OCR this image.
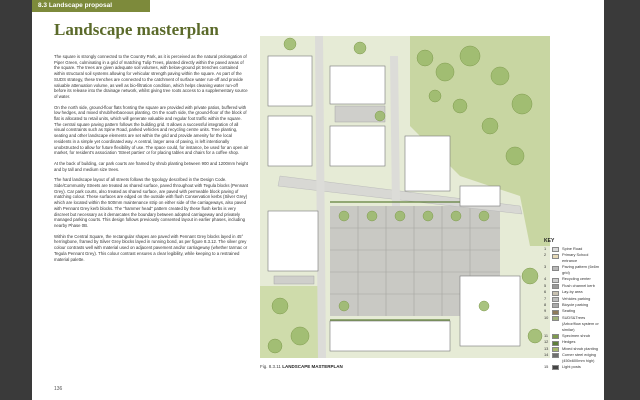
8.3 Landscape proposal
Landscape masterplan

The square is strongly connected to the Country Park, as it is perceived as the natural prolongation of Piper Green, culminating in a grid of matching Tulip Trees, planted directly within the paved areas of the square. The trees are given adequate soil volumes, with below-ground pit trenches contained within structural soil systems allowing for vehicular strength paving within the square. As part of the SUDS strategy, these trenches are connected to the catchment of surface water run-off and provide valuable attenuation volume, as well as bio-filtration condition, which helps cleaning water run-off before its release into the drainage network, whilst giving tree roots access to a supplementary source of water.

On the north side, ground-floor flats fronting the square are provided with private patios, buffered with low hedges, and mixed shrub/herbaceous planting. On the south side, the ground-floor of the block of flat is allocated to retail units, which will generate valuable and regular foot traffic within the square. The central square paving pattern follows the building grid. It allows a successful integration of all visual constraints such as Spine Road, parked vehicles and recycling centre units. Tree planting, seating and other landscape elements are set within the grid and provide amenity for the local residents in a simple yet coordinated way. A central, larger area of paving, is left intentionally unobstructed to allow for future flexibility of use. The space could, for instance, be used for an open air market, for resident's association 'Street parties' or for placing tables and chairs for a coffee shop.

At the back of building, car park courts are framed by shrub planting between 900 and 1200mm height and by tall and medium size trees.

The hard landscape layout of all streets follows the typology described in the Design Code. Side/Community Streets are treated as shared surface, paved throughout with Tegula blocks (Pennant Grey). Car park courts, also treated as shared surface, are paved with permeable block paving of matching colour. These surfaces are edged on the outside with flush Conservation kerbs (Silver Grey) which are located within the 500mm maintenance strip on either side of the carriageways, also paved with Pennant Grey kerb blocks. The "hammer head" pattern created by these flush kerbs is very discreet but necessary as it demarcates the boundary between adopted carriageway and privately managed parking courts. This design follows previously consented layout in earlier phases, including nearby Phase 0B.

Within the Central Square, the rectangular shapes are paved with Pennant Grey blocks layed in 45° herringbone, framed by Silver Grey blocks layed in running bond, as per figure 8.3.12. The silver grey colour contrasts well with material used on adjacent pavement and/or carriageway (whether tarmac or Tegula Pennant Grey). This colour contrast ensures a clear legibility, while keeping to a restrained material palette.

136
Fig. 8.3.11 LANDSCAPE MASTERPLAN
KEY
1	Spine Road
2	Primary School entrance
3	Paving pattern (6x6m grid)
4	Recycling center
5	Flush channel kerb
6	Lay-by area
7	Vehicles parking
8	Bicycle parking
9	Seating
10	SUDS&Trees (Arbor/flow system or similar)
11	Specimen shrub
12	Hedges
13	Mixed shrub planting
14	Corner steel edging (450x600mm high)
15	Light posts
